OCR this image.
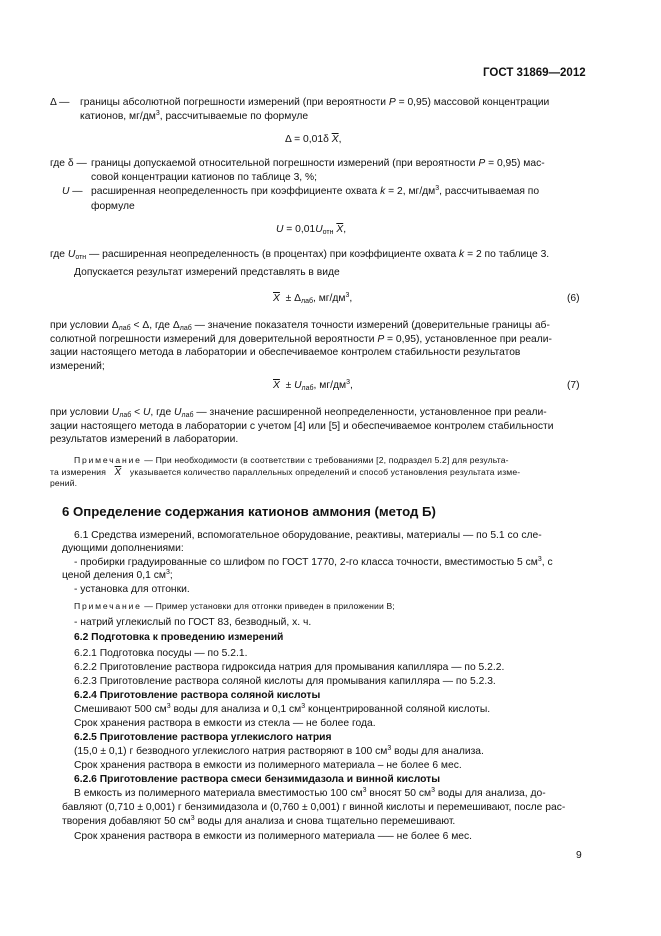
ГОСТ 31869—2012
Δ — границы абсолютной погрешности измерений (при вероятности P = 0,95) массовой концентрации
катионов, $мг/дм^3$, рассчитываемые по формуле
Δ = 0,01δ $\overline{X}$,
где δ — границы допускаемой относительной погрешности измерений (при вероятности P = 0,95) мас-
совой концентрации катионов по таблице 3, %;
U — расширенная неопределенность при коэффициенте охвата k = 2, $мг/дм^3$, рассчитываемая по
формуле
$U = 0,01U_{отн}$ $\overline{X}$,
где $U_{отн}$ — расширенная неопределенность (в процентах) при коэффициенте охвата k = 2 по таблице 3.
Допускается результат измерений представлять в виде
$\overline{X} \pm \Delta_{лаб}$, $мг/дм^3$,	(6)
при условии $\Delta_{лаб} < \Delta$, где $\Delta_{лаб}$ — значение показателя точности измерений (доверительные границы аб-
солютной погрешности измерений для доверительной вероятности P = 0,95), установленное при реали-
зации настоящего метода в лаборатории и обеспечиваемое контролем стабильности результатов
измерений;
$\overline{X} \pm U_{лаб}$, $мг/дм^3$,	(7)
при условии $U_{лаб} < U$, где $U_{лаб}$ — значение расширенной неопределенности, установленное при реали-
зации настоящего метода в лаборатории с учетом [4] или [5] и обеспечиваемое контролем стабильности
результатов измерений в лаборатории.
Примечание — При необходимости (в соответствии с требованиями [2, подраздел 5.2] для результа-
та измерения $\overline{X}$ указывается количество параллельных определений и способ установления результата изме-
рений.
6 Определение содержания катионов аммония (метод Б)
6.1 Средства измерений, вспомогательное оборудование, реактивы, материалы — по 5.1 со сле-
дующими дополнениями:
- пробирки градуированные со шлифом по ГОСТ 1770, 2-го класса точности, вместимостью 5 $см^3$, с
ценой деления 0,1 $см^3$;
- установка для отгонки.
Примечание — Пример установки для отгонки приведен в приложении В;
- натрий углекислый по ГОСТ 83, безводный, х. ч.
6.2 Подготовка к проведению измерений
6.2.1 Подготовка посуды — по 5.2.1.
6.2.2 Приготовление раствора гидроксида натрия для промывания капилляра — по 5.2.2.
6.2.3 Приготовление раствора соляной кислоты для промывания капилляра — по 5.2.3.
6.2.4 Приготовление раствора соляной кислоты
Смешивают 500 $см^3$ воды для анализа и 0,1 $см^3$ концентрированной соляной кислоты.
Срок хранения раствора в емкости из стекла — не более года.
6.2.5 Приготовление раствора углекислого натрия
(15,0 ± 0,1) г безводного углекислого натрия растворяют в 100 $см^3$ воды для анализа.
Срок хранения раствора в емкости из полимерного материала – не более 6 мес.
6.2.6 Приготовление раствора смеси бензимидазола и винной кислоты
В емкость из полимерного материала вместимостью 100 $см^3$ вносят 50 $см^3$ воды для анализа, до-
бавляют (0,710 ± 0,001) г бензимидазола и (0,760 ± 0,001) г винной кислоты и перемешивают, после рас-
творения добавляют 50 $см^3$ воды для анализа и снова тщательно перемешивают.
Срок хранения раствора в емкости из полимерного материала —– не более 6 мес.
9
